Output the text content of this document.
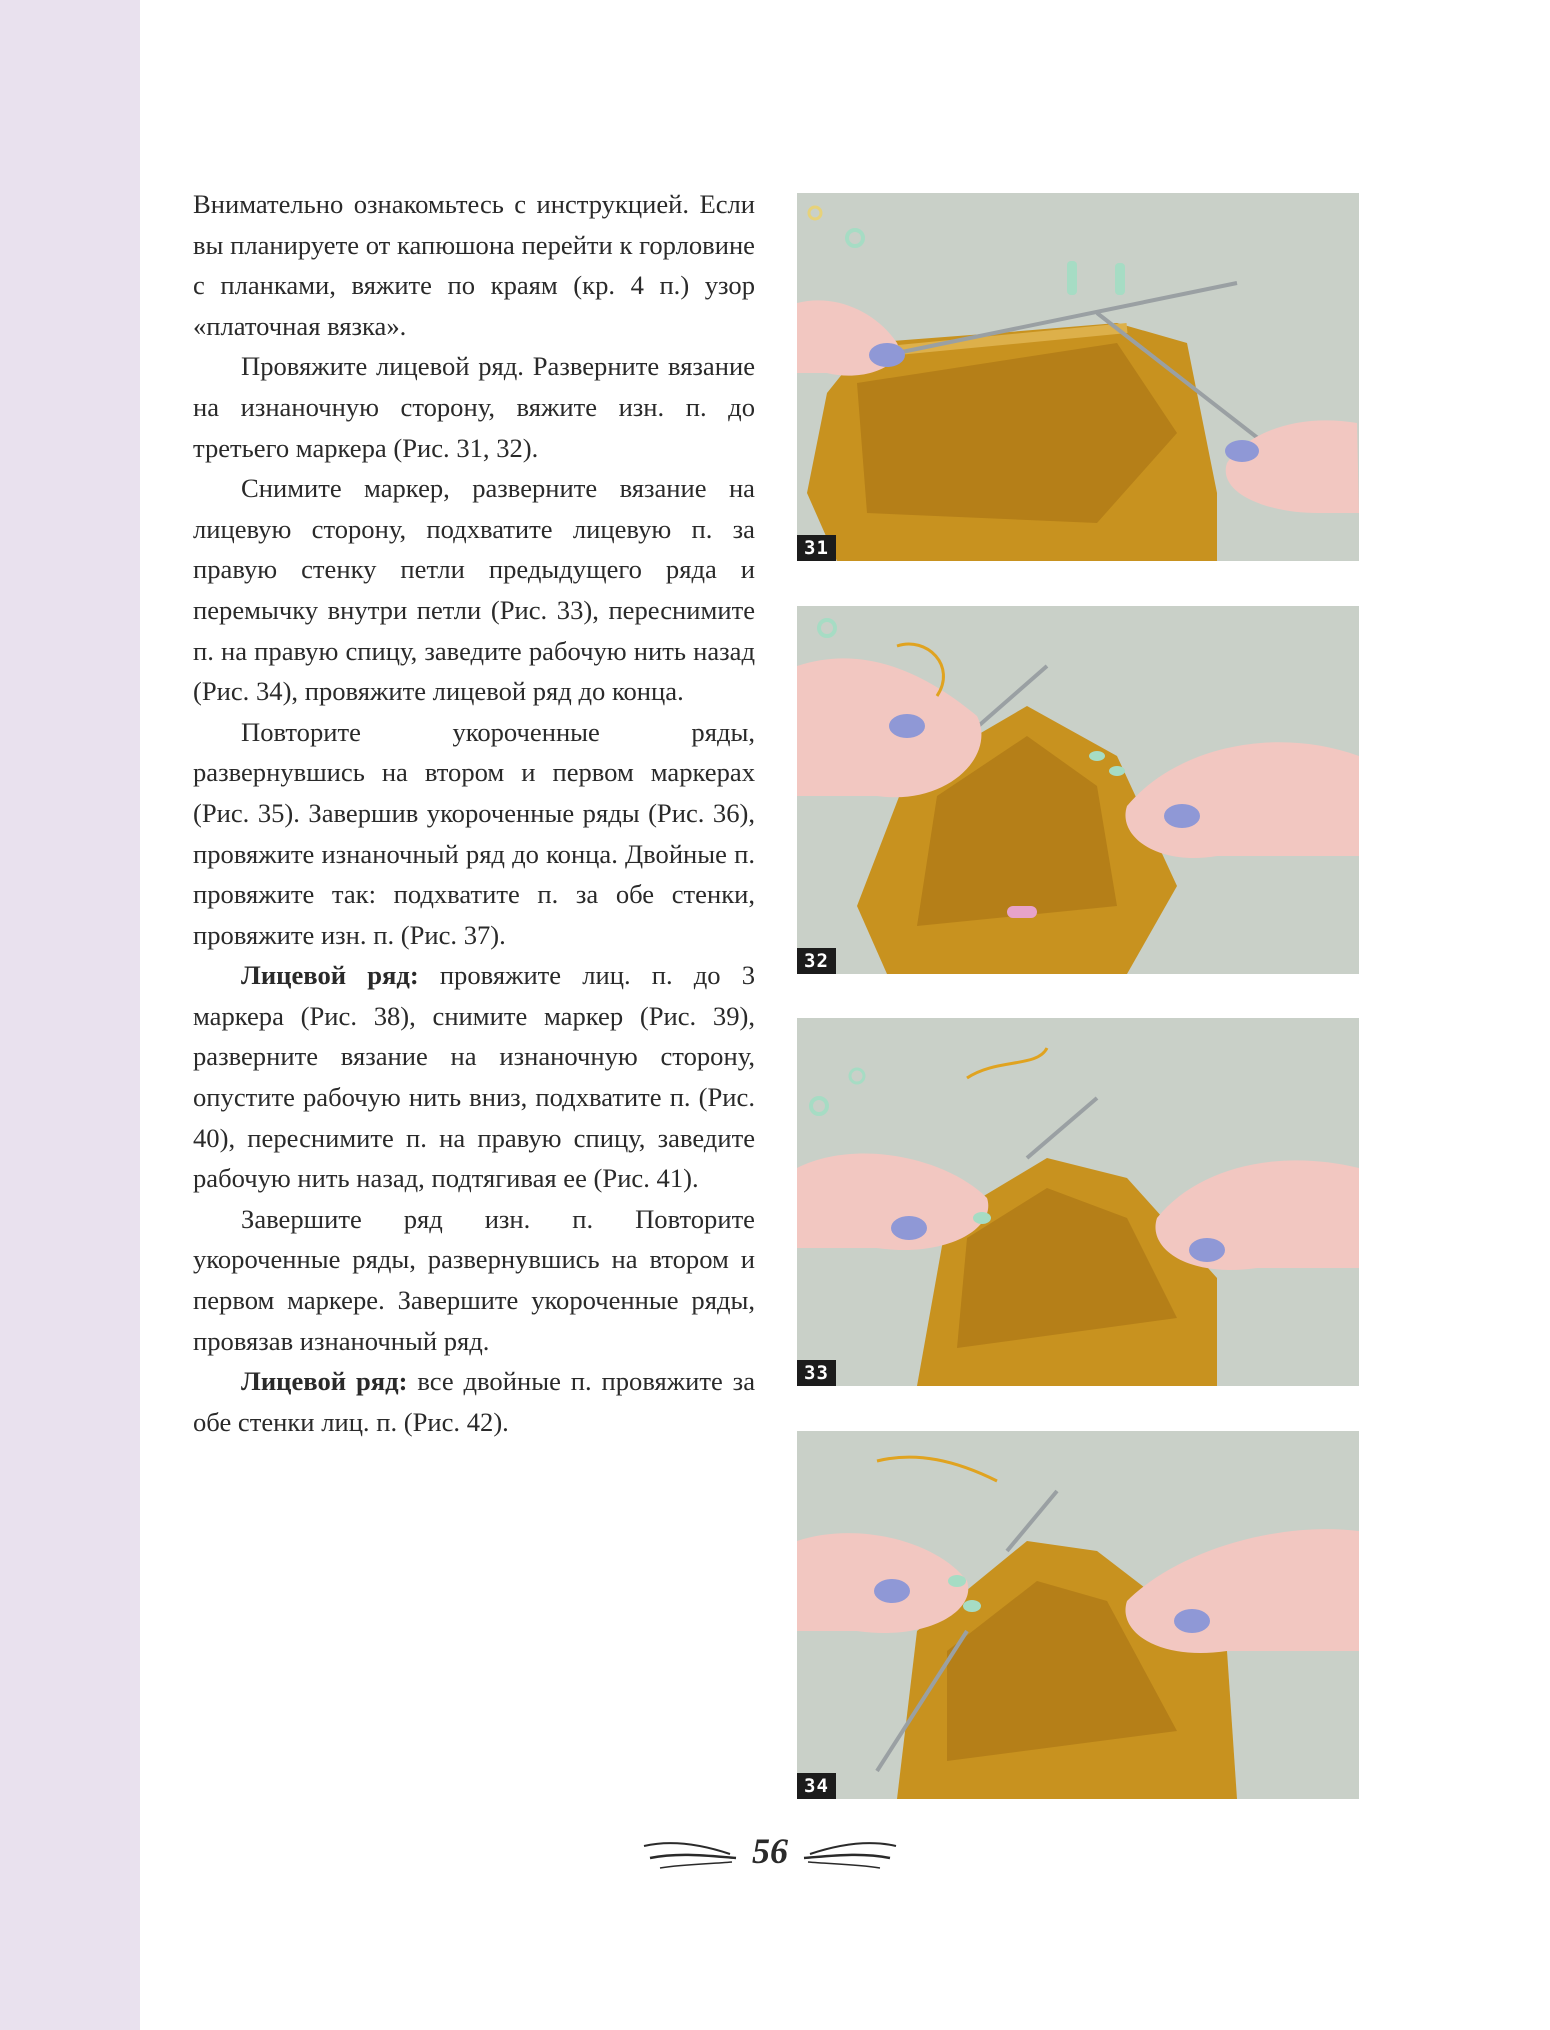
Внимательно ознакомьтесь с инструкцией. Если вы планируете от капюшона перейти к горловине с планками, вяжите по краям (кр. 4 п.) узор «платочная вязка».

Провяжите лицевой ряд. Разверните вязание на изнаночную сторону, вяжите изн. п. до третьего маркера (Рис. 31, 32).

Снимите маркер, разверните вязание на лицевую сторону, подхватите лицевую п. за правую стенку петли предыдущего ряда и перемычку внутри петли (Рис. 33), переснимите п. на правую спицу, заведите рабочую нить назад (Рис. 34), провяжите лицевой ряд до конца.

Повторите укороченные ряды, развернувшись на втором и первом маркерах (Рис. 35). Завершив укороченные ряды (Рис. 36), провяжите изнаночный ряд до конца. Двойные п. провяжите так: подхватите п. за обе стенки, провяжите изн. п. (Рис. 37).

Лицевой ряд: провяжите лиц. п. до 3 маркера (Рис. 38), снимите маркер (Рис. 39), разверните вязание на изнаночную сторону, опустите рабочую нить вниз, подхватите п. (Рис. 40), переснимите п. на правую спицу, заведите рабочую нить назад, подтягивая ее (Рис. 41).

Завершите ряд изн. п. Повторите укороченные ряды, развернувшись на втором и первом маркере. Завершите укороченные ряды, провязав изнаночный ряд.

Лицевой ряд: все двойные п. провяжите за обе стенки лиц. п. (Рис. 42).

31
32
33
34
56
